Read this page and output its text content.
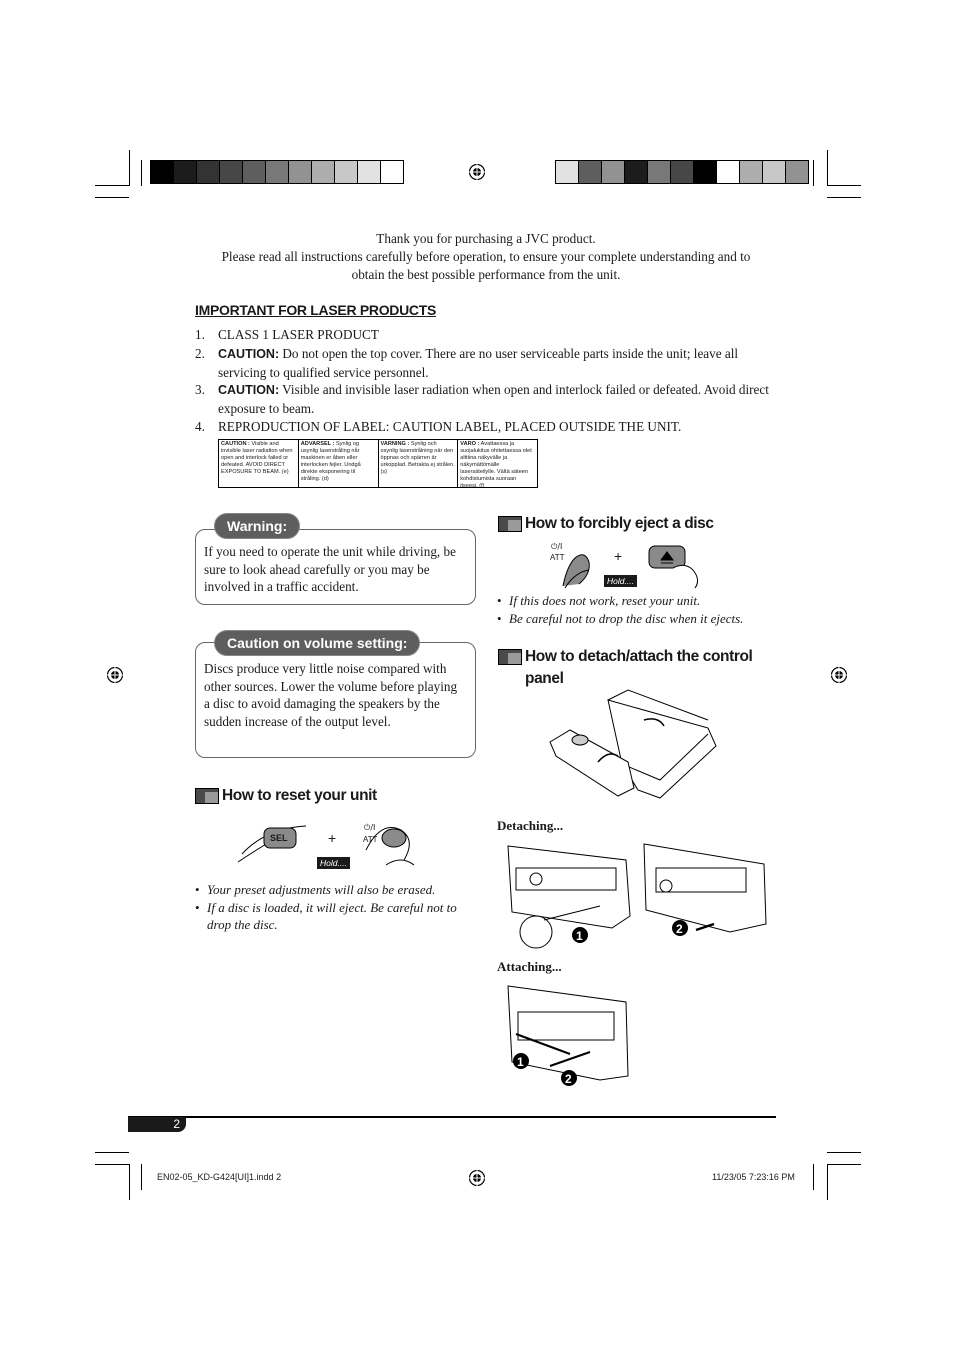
Thank you for purchasing a JVC product.
Please read all instructions carefully before operation, to ensure your complete understanding and to
obtain the best possible performance from the unit.
IMPORTANT FOR LASER PRODUCTS
1. CLASS 1 LASER PRODUCT
2.	CAUTION: Do not open the top cover. There are no user serviceable parts inside the unit; leave all servicing to qualified service personnel.
3.	CAUTION: Visible and invisible laser radiation when open and interlock failed or defeated. Avoid direct exposure to beam.
4. REPRODUCTION OF LABEL: CAUTION LABEL, PLACED OUTSIDE THE UNIT.
CAUTION : Visible and invisible laser radiation when open and interlock failed or defeated. AVOID DIRECT EXPOSURE TO BEAM. (e)
ADVARSEL : Synlig og usynlig laserstråling når maskinen er åben eller interlocken fejler. Undgå direkte eksponering til stråling. (d)
VARNING : Synlig och osynlig laserstrålning när den öppnas och spärren är urkopplad. Betrakta ej strålen. (s)
VARO : Avattaessa ja suojalukitus ohitettaessa olet alttiina näkyvälle ja näkymättömälle lasersäteilylle. Vältä säteen kohdistumista suoraan itseesi. (f)
Warning:
If you need to operate the unit while driving, be sure to look ahead carefully or you may be involved in a traffic accident.
Caution on volume setting:
Discs produce very little noise compared with other sources. Lower the volume before playing a disc to avoid damaging the speakers by the sudden increase of the output level.
How to reset your unit
SEL	+
⏻/I
ATT
Hold....
• Your preset adjustments will also be erased.
• If a disc is loaded, it will eject. Be careful not to drop the disc.
How to forcibly eject a disc
⏻/I
ATT	+
Hold....
• If this does not work, reset your unit.
• Be careful not to drop the disc when it ejects.
How to detach/attach the control
panel
Detaching...
1	2
Attaching...
1
2
2
EN02-05_KD-G424[UI]1.indd 2	11/23/05 7:23:16 PM
